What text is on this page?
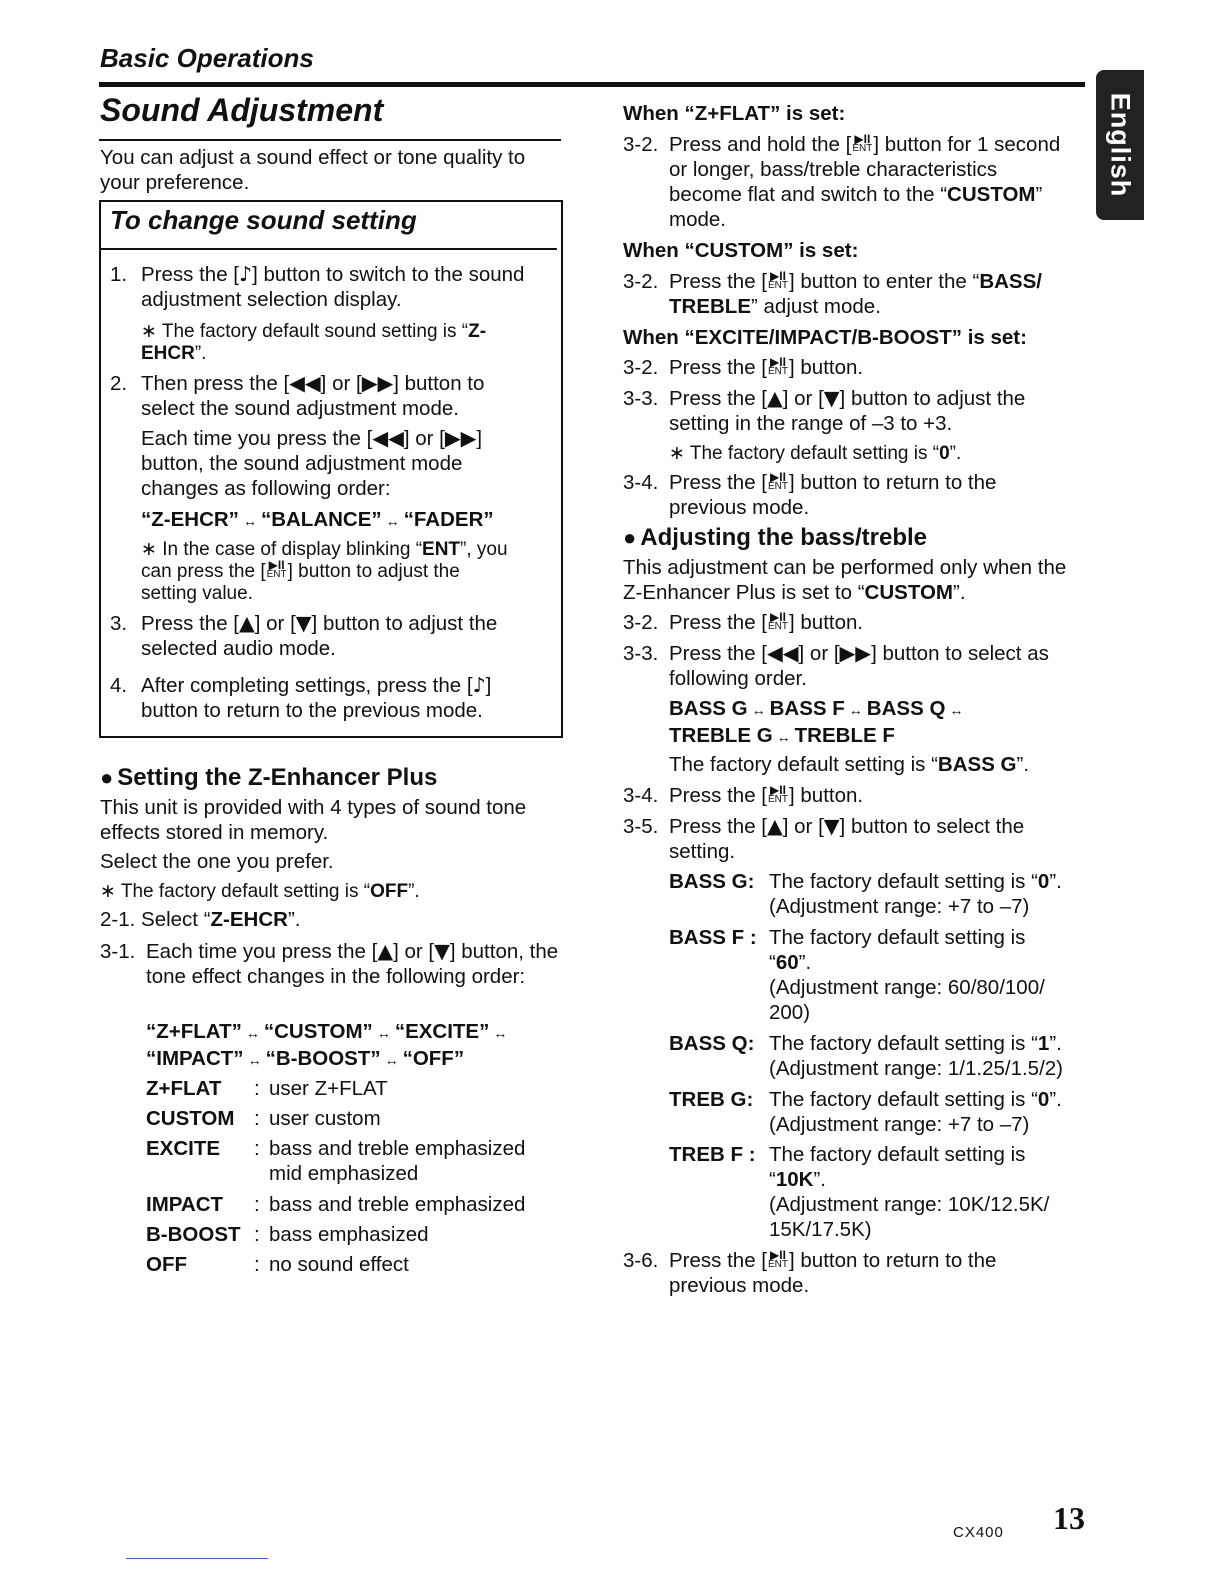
Basic Operations
English
Sound Adjustment
You can adjust a sound effect or tone quality to your preference.
To change sound setting
1. Press the [♪] button to switch to the sound adjustment selection display.
∗ The factory default sound setting is “Z-EHCR”.
2. Then press the [◀◀] or [▶▶] button to select the sound adjustment mode.
Each time you press the [◀◀] or [▶▶] button, the sound adjustment mode changes as following order:
“Z-EHCR” ↔ “BALANCE” ↔ “FADER”
∗ In the case of display blinking “ENT”, you can press the [ ▶II
ENT] button to adjust the setting value.
3. Press the [▲] or [▼] button to adjust the selected audio mode.
4. After completing settings, press the [♪] button to return to the previous mode.
● Setting the Z-Enhancer Plus
This unit is provided with 4 types of sound tone effects stored in memory.
Select the one you prefer.
∗ The factory default setting is “OFF”.
2-1. Select “Z-EHCR”.
3-1. Each time you press the [▲] or [▼] button, the tone effect changes in the following order:
“Z+FLAT” ↔ “CUSTOM” ↔ “EXCITE” ↔
“IMPACT” ↔ “B-BOOST” ↔ “OFF”
Z+FLAT : user Z+FLAT
CUSTOM : user custom
EXCITE : bass and treble emphasized mid emphasized
IMPACT : bass and treble emphasized
B-BOOST : bass emphasized
OFF	: no sound effect
When “Z+FLAT” is set:
3-2. Press and hold the [ ▶II
ENT] button for 1 second or longer, bass/treble characteristics become flat and switch to the “CUSTOM” mode.
When “CUSTOM” is set:
3-2. Press the [ ▶II
ENT] button to enter the “BASS/ TREBLE” adjust mode.
When “EXCITE/IMPACT/B-BOOST” is set:
3-2. Press the [ ▶II
ENT] button.
3-3. Press the [▲] or [▼] button to adjust the setting in the range of –3 to +3.
∗ The factory default setting is “0”.
3-4. Press the [ ▶II
ENT] button to return to the previous mode.
● Adjusting the bass/treble
This adjustment can be performed only when the Z-Enhancer Plus is set to “CUSTOM”.
3-2. Press the [ ▶II
ENT] button.
3-3. Press the [◀◀] or [▶▶] button to select as following order.
BASS G ↔ BASS F ↔ BASS Q ↔
TREBLE G ↔ TREBLE F
The factory default setting is “BASS G”.
3-4. Press the [ ▶II
ENT] button.
3-5. Press the [▲] or [▼] button to select the setting.
BASS G: The factory default setting is “0”.
(Adjustment range: +7 to –7)
BASS F : The factory default setting is “60”.
(Adjustment range: 60/80/100/ 200)
BASS Q: The factory default setting is “1”.
(Adjustment range: 1/1.25/1.5/2)
TREB G: The factory default setting is “0”.
(Adjustment range: +7 to –7)
TREB F : The factory default setting is “10K”.
(Adjustment range: 10K/12.5K/ 15K/17.5K)
3-6. Press the [ ▶II
ENT] button to return to the previous mode.
CX400 13
